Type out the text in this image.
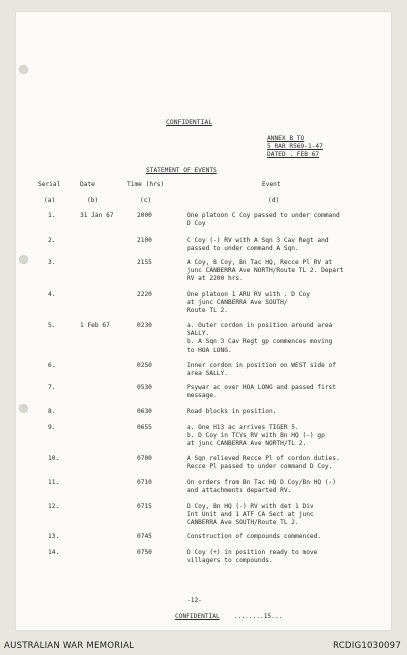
CONFIDENTIAL
ANNEX B TO
5 RAR R569-1-47
DATED . FEB 67
STATEMENT OF EVENTS
Serial	Date	Time (hrs)	Event
(a)	(b)	(c)	(d)
1.	31 Jan 67	2000	One platoon C Coy passed to under command
D Coy
2.	2100	C Coy (-) RV with A Sqn 3 Cav Regt and
passed to under command A Sqn.
3.	2155	A Coy, B Coy, Bn Tac HQ, Recce Pl RV at
junc CANBERRA Ave NORTH/Route TL 2. Depart
RV at 2200 hrs.
4.	2220	One platoon 1 ARU RV with . D Coy
at junc CANBERRA Ave SOUTH/
Route TL 2.
5.	1 Feb 67	0230	a. Outer cordon in position around area
SALLY.
b. A Sqn 3 Cav Regt gp commences moving
to HOA LONG.
6.	0250	Inner cordon in position on WEST side of
area SALLY.
7.	0530	Psywar ac over HOA LONG and passed first
message.
8.	0630	Road blocks in position.
9.	0655	a. One H13 ac arrives TIGER 5.
b. D Coy in TCVs RV with Bn HQ (-) gp
at junc CANBERRA Ave NORTH/TL 2.
10.	0700	A Sqn relieved Recce Pl of cordon duties.
Recce Pl passed to under command D Coy.
11.	0710	On orders from Bn Tac HQ D Coy/Bn HQ (-)
and attachments departed RV.
12.	0715	D Coy, Bn HQ (-) RV with det 1 Div
Int Unit and 1 ATF CA Sect at junc
CANBERRA Ave SOUTH/Route TL 2.
13.	0745	Construction of compounds commenced.
14.	0750	D Coy (+) in position ready to move
villagers to compounds.
-12-
CONFIDENTIAL ........15...
AUSTRALIAN WAR MEMORIAL	RCDIG1030097
